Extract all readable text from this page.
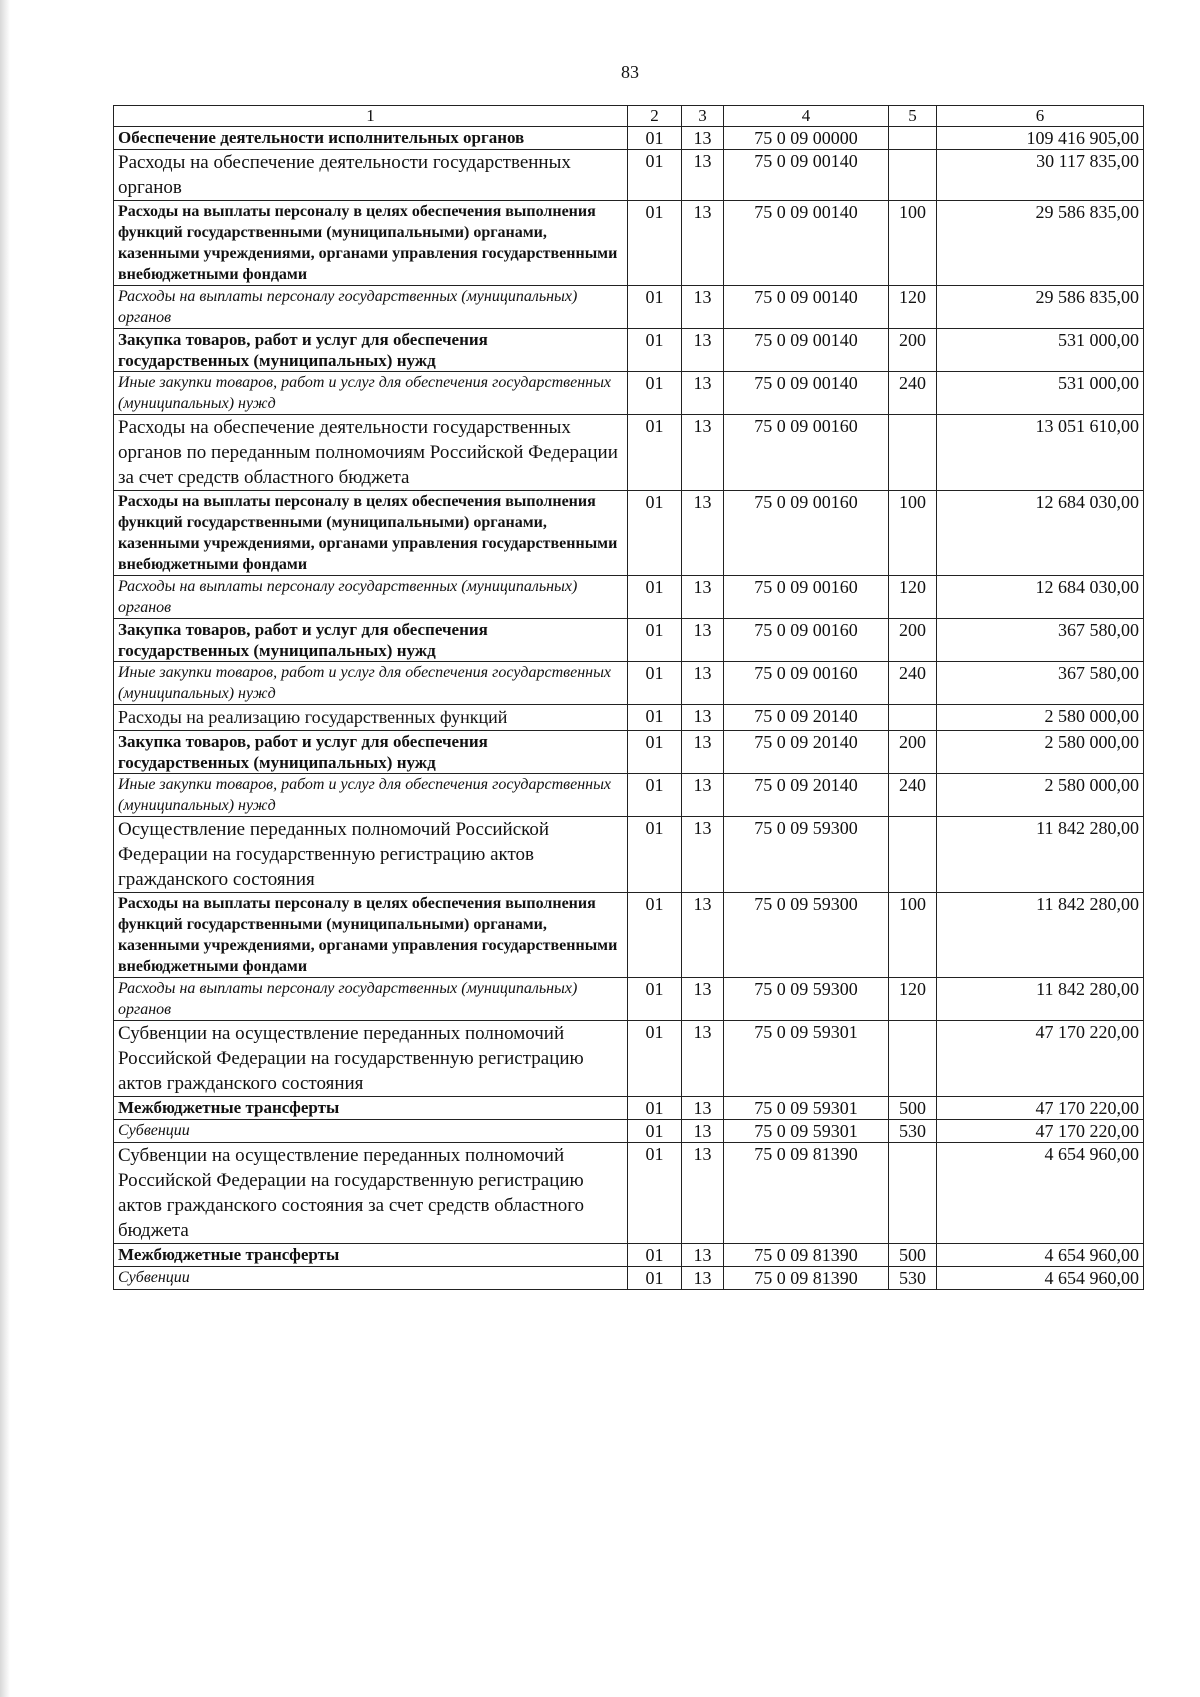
83
1	2	3	4	5	6
Обеспечение деятельности исполнительных органов	01	13	75 0 09 00000		109 416 905,00
Расходы на обеспечение деятельности государственных органов	01	13	75 0 09 00140		30 117 835,00
Расходы на выплаты персоналу в целях обеспечения выполнения функций государственными (муниципальными) органами, казенными учреждениями, органами управления государственными внебюджетными фондами	01	13	75 0 09 00140	100	29 586 835,00
Расходы на выплаты персоналу государственных (муниципальных) органов	01	13	75 0 09 00140	120	29 586 835,00
Закупка товаров, работ и услуг для обеспечения государственных (муниципальных) нужд	01	13	75 0 09 00140	200	531 000,00
Иные закупки товаров, работ и услуг для обеспечения государственных (муниципальных) нужд	01	13	75 0 09 00140	240	531 000,00
Расходы на обеспечение деятельности государственных органов по переданным полномочиям Российской Федерации за счет средств областного бюджета	01	13	75 0 09 00160		13 051 610,00
Расходы на выплаты персоналу в целях обеспечения выполнения функций государственными (муниципальными) органами, казенными учреждениями, органами управления государственными внебюджетными фондами	01	13	75 0 09 00160	100	12 684 030,00
Расходы на выплаты персоналу государственных (муниципальных) органов	01	13	75 0 09 00160	120	12 684 030,00
Закупка товаров, работ и услуг для обеспечения государственных (муниципальных) нужд	01	13	75 0 09 00160	200	367 580,00
Иные закупки товаров, работ и услуг для обеспечения государственных (муниципальных) нужд	01	13	75 0 09 00160	240	367 580,00
Расходы на реализацию государственных функций	01	13	75 0 09 20140		2 580 000,00
Закупка товаров, работ и услуг для обеспечения государственных (муниципальных) нужд	01	13	75 0 09 20140	200	2 580 000,00
Иные закупки товаров, работ и услуг для обеспечения государственных (муниципальных) нужд	01	13	75 0 09 20140	240	2 580 000,00
Осуществление переданных полномочий Российской Федерации на государственную регистрацию актов гражданского состояния	01	13	75 0 09 59300		11 842 280,00
Расходы на выплаты персоналу в целях обеспечения выполнения функций государственными (муниципальными) органами, казенными учреждениями, органами управления государственными внебюджетными фондами	01	13	75 0 09 59300	100	11 842 280,00
Расходы на выплаты персоналу государственных (муниципальных) органов	01	13	75 0 09 59300	120	11 842 280,00
Субвенции на осуществление переданных полномочий Российской Федерации на государственную регистрацию актов гражданского состояния	01	13	75 0 09 59301		47 170 220,00
Межбюджетные трансферты	01	13	75 0 09 59301	500	47 170 220,00
Субвенции	01	13	75 0 09 59301	530	47 170 220,00
Субвенции на осуществление переданных полномочий Российской Федерации на государственную регистрацию актов гражданского состояния за счет средств областного бюджета	01	13	75 0 09 81390		4 654 960,00
Межбюджетные трансферты	01	13	75 0 09 81390	500	4 654 960,00
Субвенции	01	13	75 0 09 81390	530	4 654 960,00
